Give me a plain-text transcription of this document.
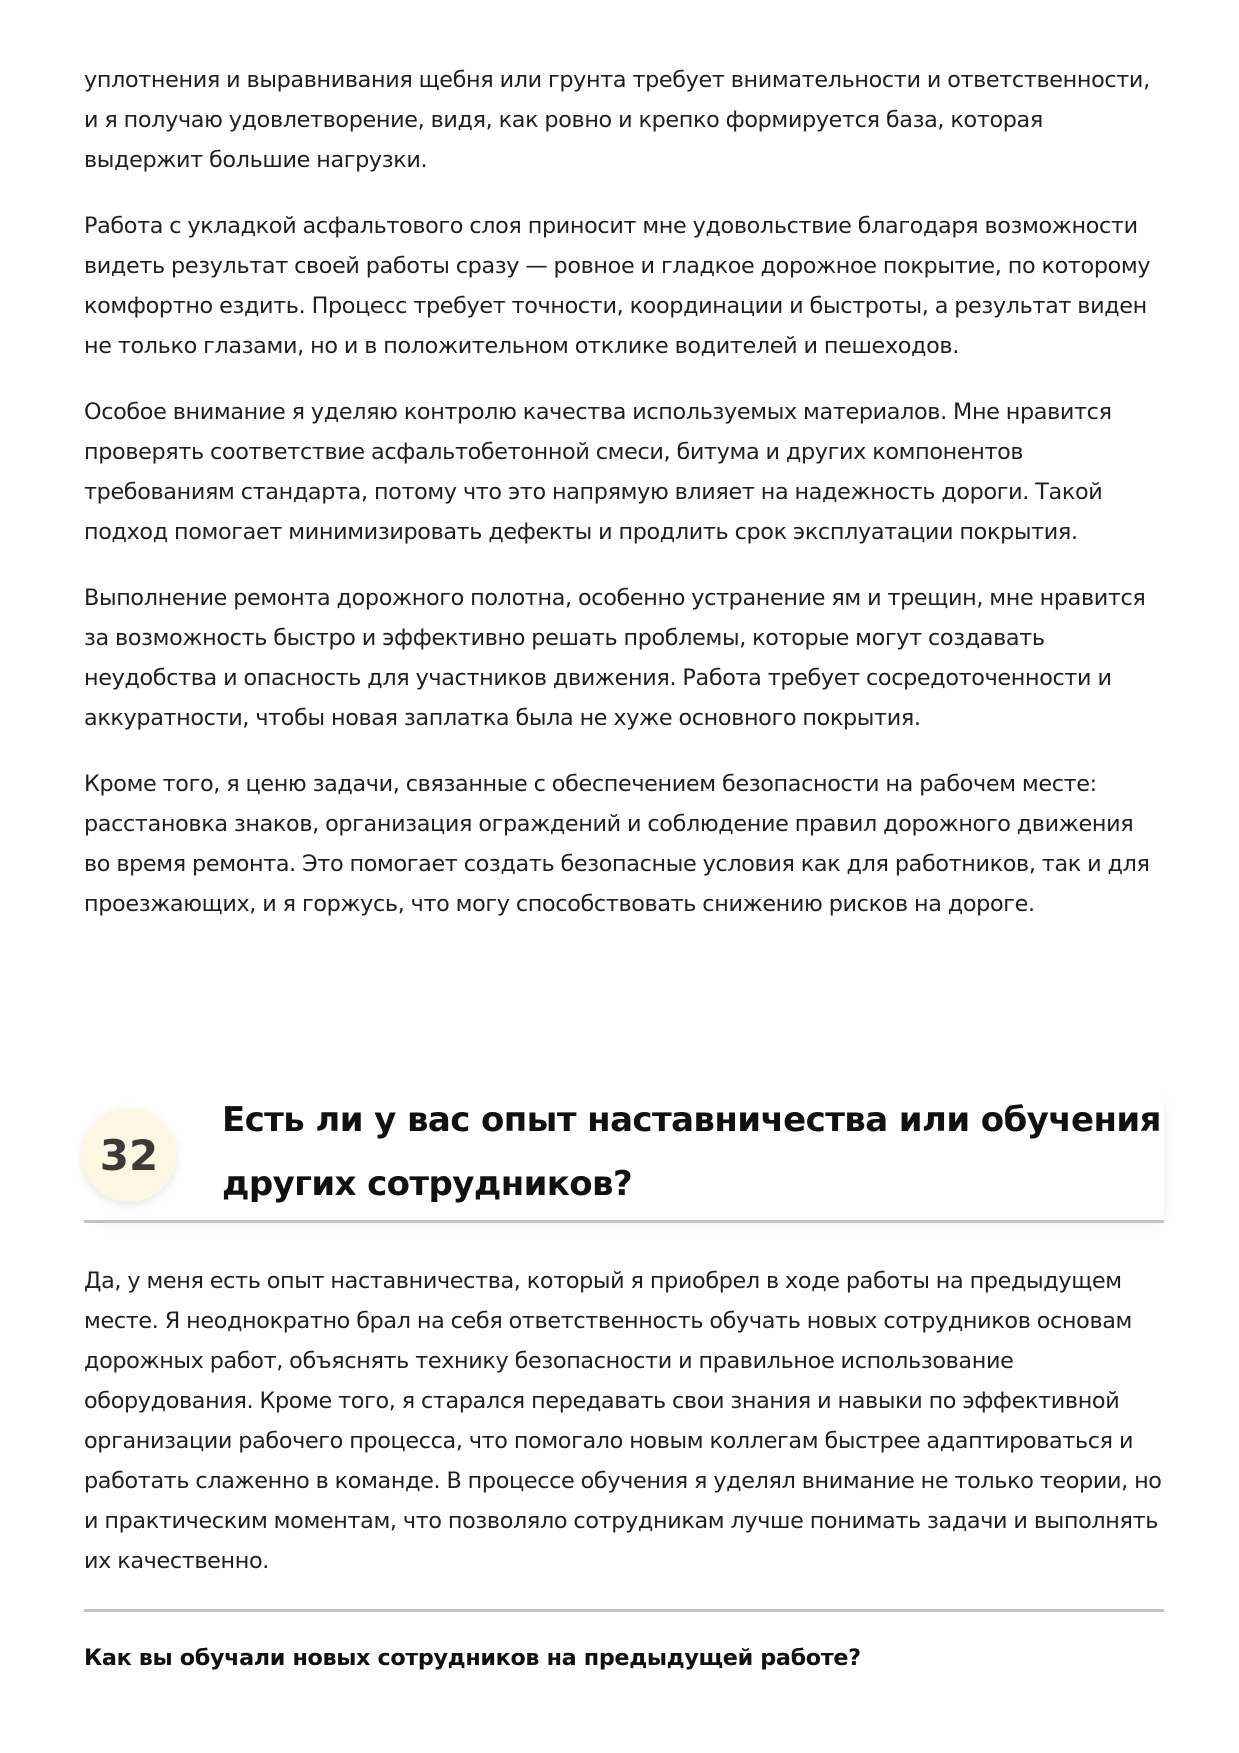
уплотнения и выравнивания щебня или грунта требует внимательности и ответственности, и я получаю удовлетворение, видя, как ровно и крепко формируется база, которая выдержит большие нагрузки.

Работа с укладкой асфальтового слоя приносит мне удовольствие благодаря возможности видеть результат своей работы сразу — ровное и гладкое дорожное покрытие, по которому комфортно ездить. Процесс требует точности, координации и быстроты, а результат виден не только глазами, но и в положительном отклике водителей и пешеходов.

Особое внимание я уделяю контролю качества используемых материалов. Мне нравится проверять соответствие асфальтобетонной смеси, битума и других компонентов требованиям стандарта, потому что это напрямую влияет на надежность дороги. Такой подход помогает минимизировать дефекты и продлить срок эксплуатации покрытия.

Выполнение ремонта дорожного полотна, особенно устранение ям и трещин, мне нравится за возможность быстро и эффективно решать проблемы, которые могут создавать неудобства и опасность для участников движения. Работа требует сосредоточенности и аккуратности, чтобы новая заплатка была не хуже основного покрытия.

Кроме того, я ценю задачи, связанные с обеспечением безопасности на рабочем месте: расстановка знаков, организация ограждений и соблюдение правил дорожного движения во время ремонта. Это помогает создать безопасные условия как для работников, так и для проезжающих, и я горжусь, что могу способствовать снижению рисков на дороге.

32
Есть ли у вас опыт наставничества или обучения других сотрудников?

Да, у меня есть опыт наставничества, который я приобрел в ходе работы на предыдущем месте. Я неоднократно брал на себя ответственность обучать новых сотрудников основам дорожных работ, объяснять технику безопасности и правильное использование оборудования. Кроме того, я старался передавать свои знания и навыки по эффективной организации рабочего процесса, что помогало новым коллегам быстрее адаптироваться и работать слаженно в команде. В процессе обучения я уделял внимание не только теории, но и практическим моментам, что позволяло сотрудникам лучше понимать задачи и выполнять их качественно.

Как вы обучали новых сотрудников на предыдущей работе?
